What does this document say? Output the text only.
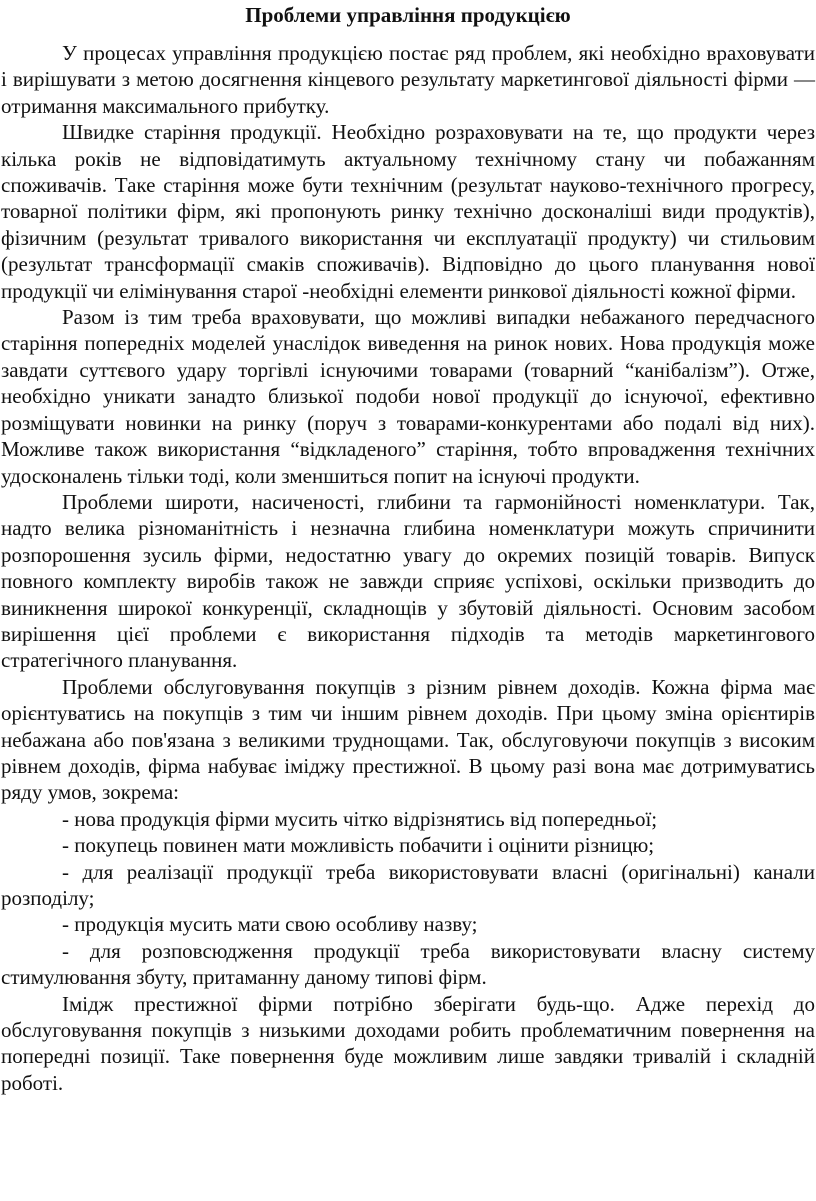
Проблеми управління продукцією

У процесах управління продукцією постає ряд проблем, які необхідно враховувати і вирішувати з метою досягнення кінцевого результату маркетингової діяльності фірми — отримання максимального прибутку.

Швидке старіння продукції. Необхідно розраховувати на те, що продукти через кілька років не відповідатимуть актуальному технічному стану чи побажанням споживачів. Таке старіння може бути технічним (результат науково-технічного прогресу, товарної політики фірм, які пропонують ринку технічно досконаліші види продуктів), фізичним (результат тривалого використання чи експлуатації продукту) чи стильовим (результат трансформації смаків споживачів). Відповідно до цього планування нової продукції чи елімінування старої -необхідні елементи ринкової діяльності кожної фірми.

Разом із тим треба враховувати, що можливі випадки небажаного передчасного старіння попередніх моделей унаслідок виведення на ринок нових. Нова продукція може завдати суттєвого удару торгівлі існуючими товарами (товарний “канібалізм”). Отже, необхідно уникати занадто близької подоби нової продукції до існуючої, ефективно розміщувати новинки на ринку (поруч з товарами-конкурентами або подалі від них). Можливе також використання “відкладеного” старіння, тобто впровадження технічних удосконалень тільки тоді, коли зменшиться попит на існуючі продукти.

Проблеми широти, насиченості, глибини та гармонійності номенклатури. Так, надто велика різноманітність і незначна глибина номенклатури можуть спричинити розпорошення зусиль фірми, недостатню увагу до окремих позицій товарів. Випуск повного комплекту виробів також не завжди сприяє успіхові, оскільки призводить до виникнення широкої конкуренції, складнощів у збутовій діяльності. Основим засобом вирішення цієї проблеми є використання підходів та методів маркетингового стратегічного планування.

Проблеми обслуговування покупців з різним рівнем доходів. Кожна фірма має орієнтуватись на покупців з тим чи іншим рівнем доходів. При цьому зміна орієнтирів небажана або пов'язана з великими труднощами. Так, обслуговуючи покупців з високим рівнем доходів, фірма набуває іміджу престижної. В цьому разі вона має дотримуватись ряду умов, зокрема:

- нова продукція фірми мусить чітко відрізнятись від попередньої;

- покупець повинен мати можливість побачити і оцінити різницю;

- для реалізації продукції треба використовувати власні (оригінальні) канали розподілу;

- продукція мусить мати свою особливу назву;

- для розповсюдження продукції треба використовувати власну систему стимулювання збуту, притаманну даному типові фірм.

Імідж престижної фірми потрібно зберігати будь-що. Адже перехід до обслуговування покупців з низькими доходами робить проблематичним повернення на попередні позиції. Таке повернення буде можливим лише завдяки тривалій і складній роботі.
